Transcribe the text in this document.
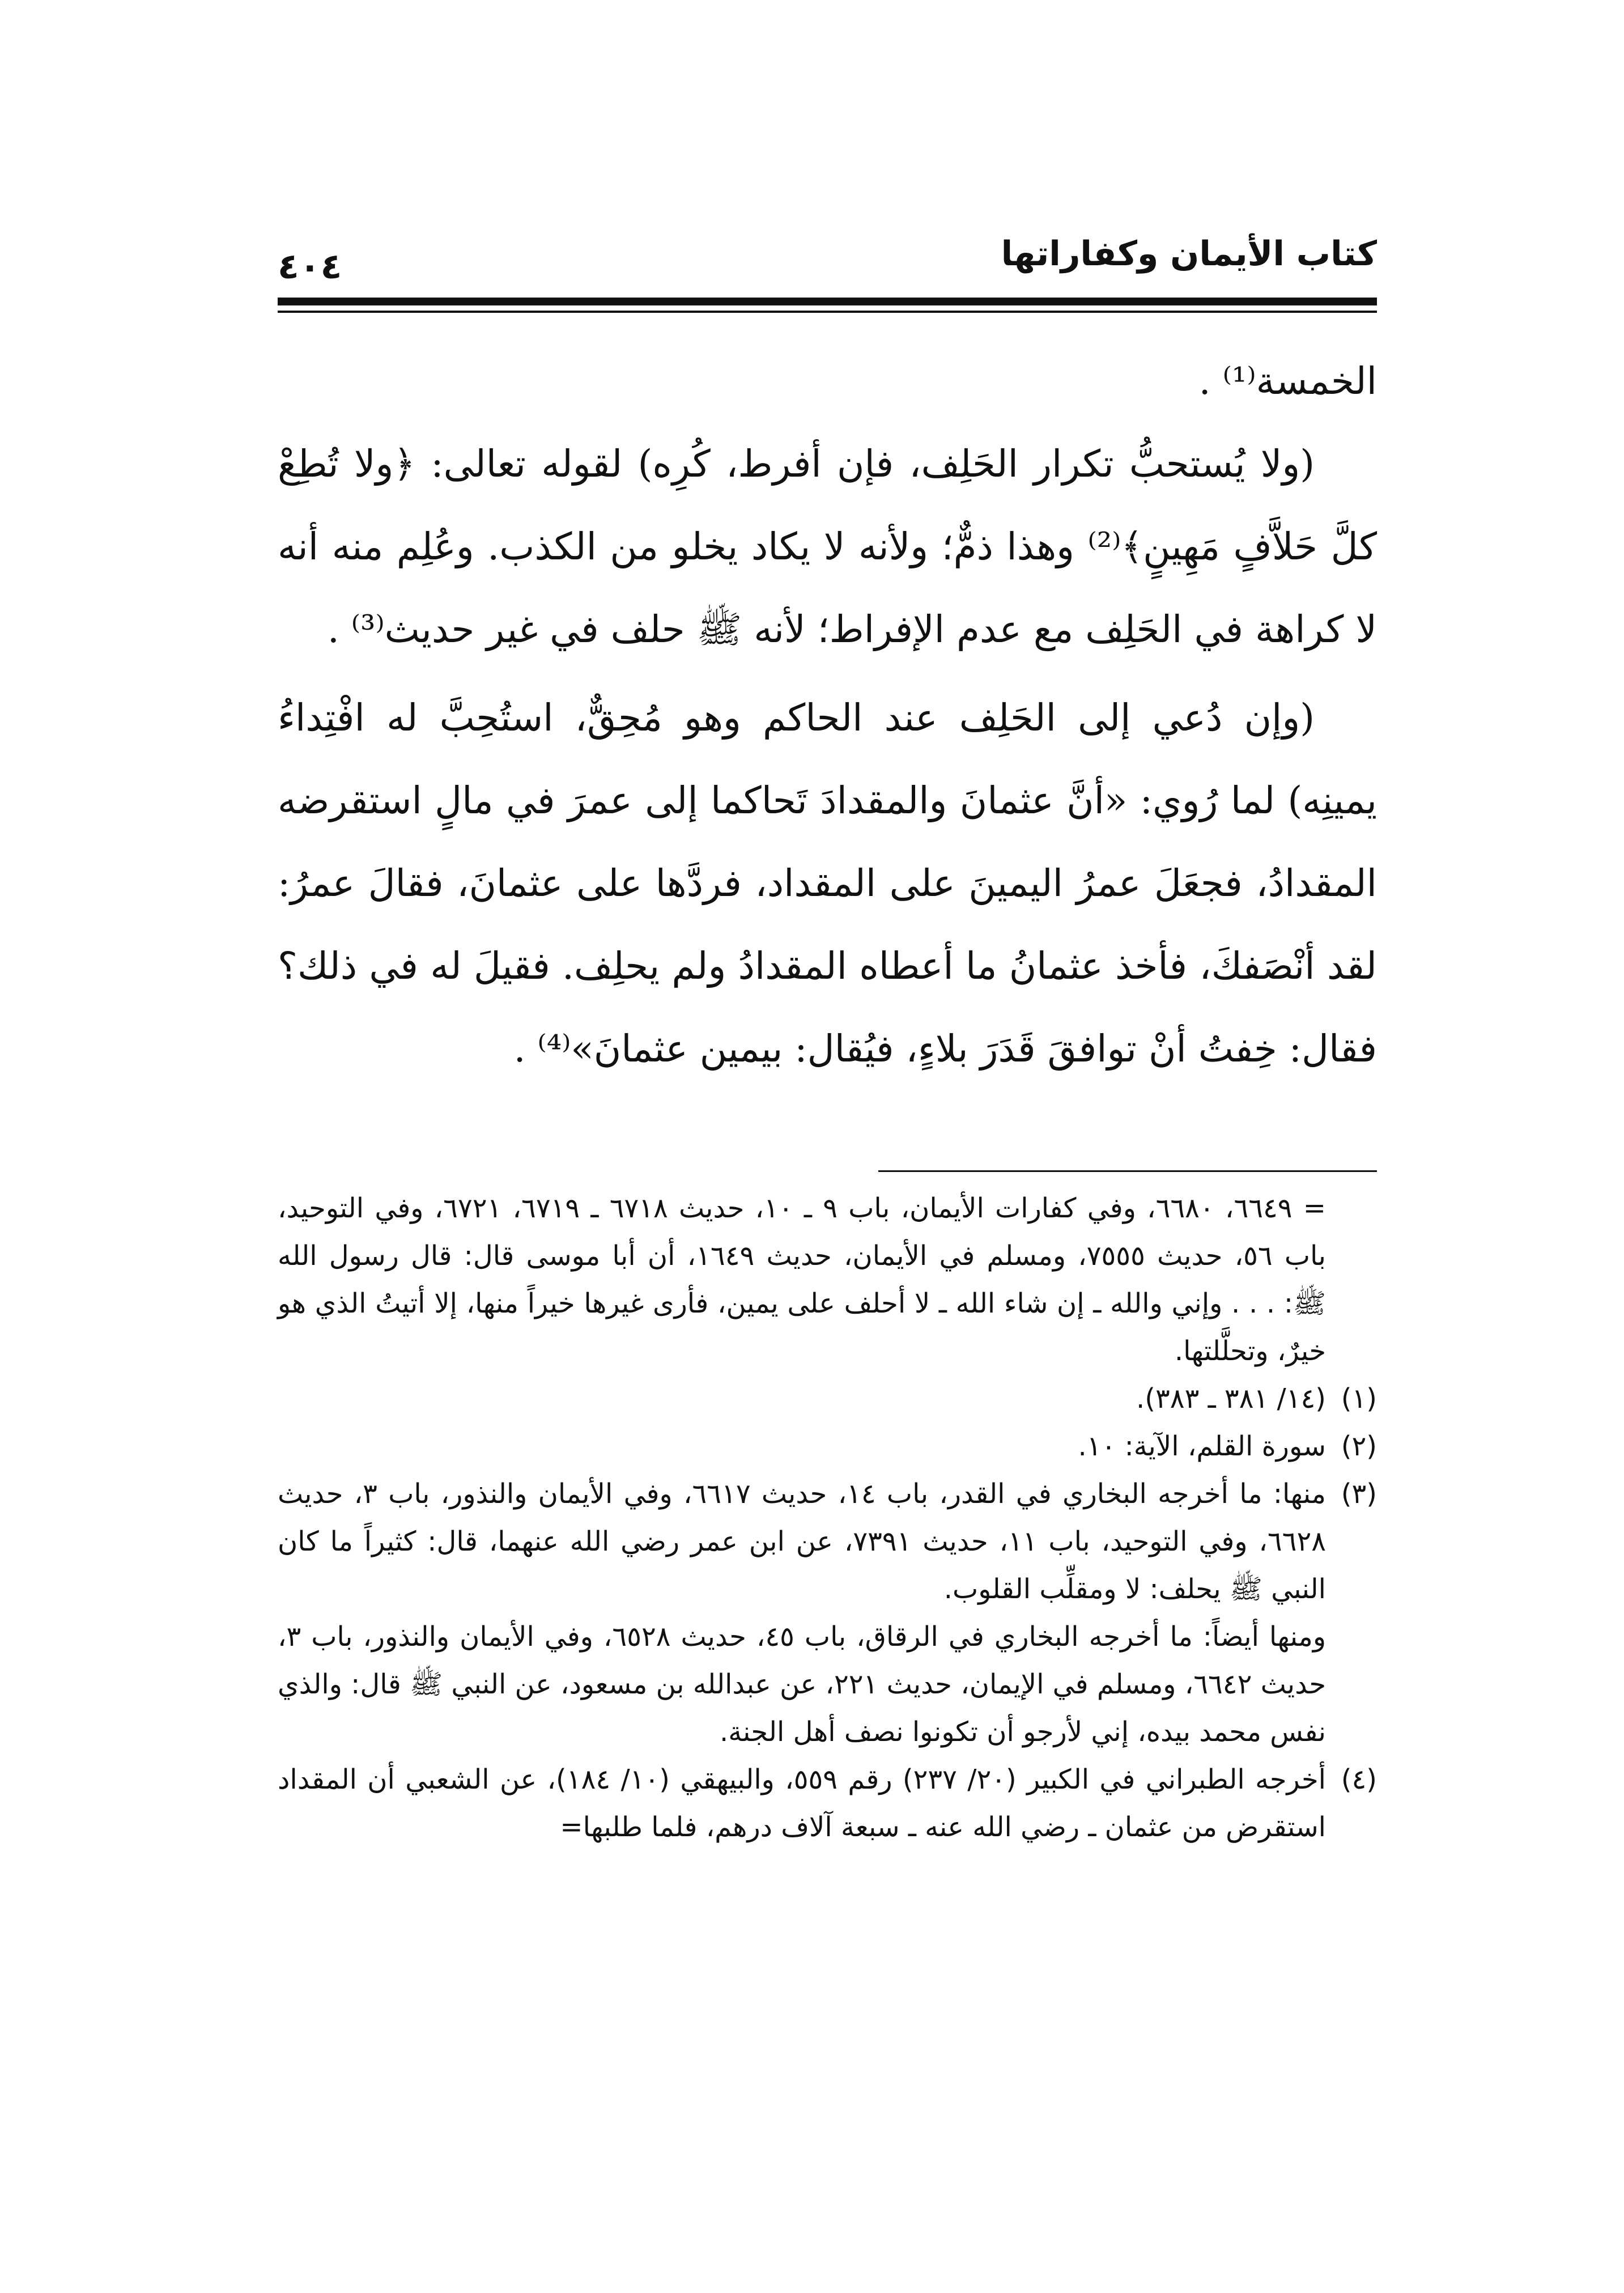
كتاب الأيمان وكفاراتها
٤٠٤

الخمسة⁽¹⁾ .

(ولا يُستحبُّ تكرار الحَلِف، فإن أفرط، كُرِه) لقوله تعالى: ﴿ولا تُطِعْ كلَّ حَلاَّفٍ مَهِينٍ﴾⁽²⁾ وهذا ذمٌّ؛ ولأنه لا يكاد يخلو من الكذب. وعُلِم منه أنه لا كراهة في الحَلِف مع عدم الإفراط؛ لأنه ﷺ حلف في غير حديث⁽³⁾ .

(وإن دُعي إلى الحَلِف عند الحاكم وهو مُحِقٌّ، استُحِبَّ له افْتِداءُ يمينِه) لما رُوي: «أنَّ عثمانَ والمقدادَ تَحاكما إلى عمرَ في مالٍ استقرضه المقدادُ، فجعَلَ عمرُ اليمينَ على المقداد، فردَّها على عثمانَ، فقالَ عمرُ: لقد أنْصَفكَ، فأخذ عثمانُ ما أعطاه المقدادُ ولم يحلِف. فقيلَ له في ذلك؟ فقال: خِفتُ أنْ توافقَ قَدَرَ بلاءٍ، فيُقال: بيمين عثمانَ»⁽⁴⁾ .

= ٦٦٤٩، ٦٦٨٠، وفي كفارات الأيمان، باب ٩ ـ ١٠، حديث ٦٧١٨ ـ ٦٧١٩، ٦٧٢١، وفي التوحيد، باب ٥٦، حديث ٧٥٥٥، ومسلم في الأيمان، حديث ١٦٤٩، أن أبا موسى قال: قال رسول الله ﷺ: . . . وإني والله ـ إن شاء الله ـ لا أحلف على يمين، فأرى غيرها خيراً منها، إلا أتيتُ الذي هو خيرٌ، وتحلَّلتها.

(١)
(١٤/ ٣٨١ ـ ٣٨٣).

(٢)
سورة القلم، الآية: ١٠.

(٣)
منها: ما أخرجه البخاري في القدر، باب ١٤، حديث ٦٦١٧، وفي الأيمان والنذور، باب ٣، حديث ٦٦٢٨، وفي التوحيد، باب ١١، حديث ٧٣٩١، عن ابن عمر رضي الله عنهما، قال: كثيراً ما كان النبي ﷺ يحلف: لا ومقلِّب القلوب.

ومنها أيضاً: ما أخرجه البخاري في الرقاق، باب ٤٥، حديث ٦٥٢٨، وفي الأيمان والنذور، باب ٣، حديث ٦٦٤٢، ومسلم في الإيمان، حديث ٢٢١، عن عبدالله بن مسعود، عن النبي ﷺ قال: والذي نفس محمد بيده، إني لأرجو أن تكونوا نصف أهل الجنة.

(٤)
أخرجه الطبراني في الكبير (٢٠/ ٢٣٧) رقم ٥٥٩، والبيهقي (١٠/ ١٨٤)، عن الشعبي أن المقداد استقرض من عثمان ـ رضي الله عنه ـ سبعة آلاف درهم، فلما طلبها=
